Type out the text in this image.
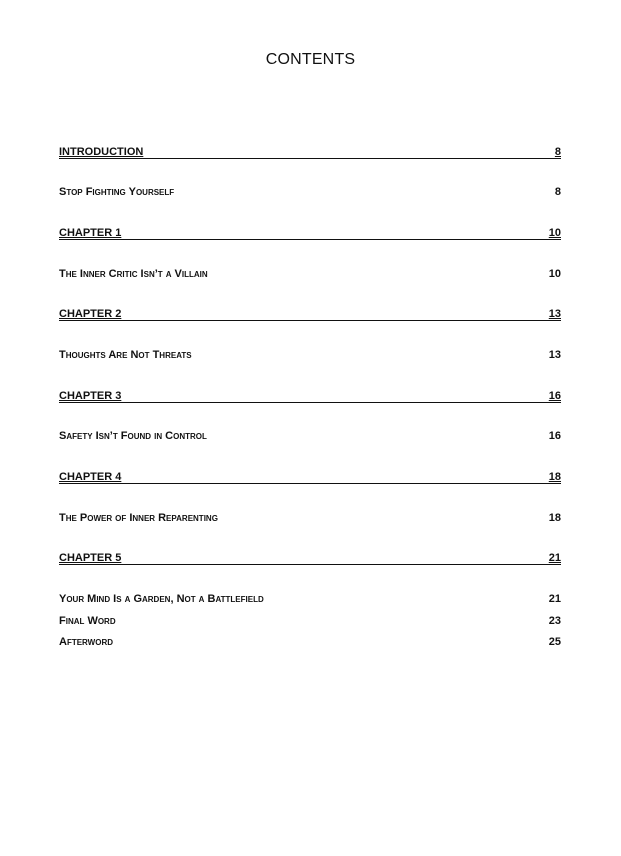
CONTENTS
INTRODUCTION	8
Stop Fighting Yourself	8
CHAPTER 1	10
The Inner Critic Isn’t a Villain	10
CHAPTER 2	13
Thoughts Are Not Threats	13
CHAPTER 3	16
Safety Isn’t Found in Control	16
CHAPTER 4	18
The Power of Inner Reparenting	18
CHAPTER 5	21
Your Mind Is a Garden, Not a Battlefield	21
Final Word	23
Afterword	25
